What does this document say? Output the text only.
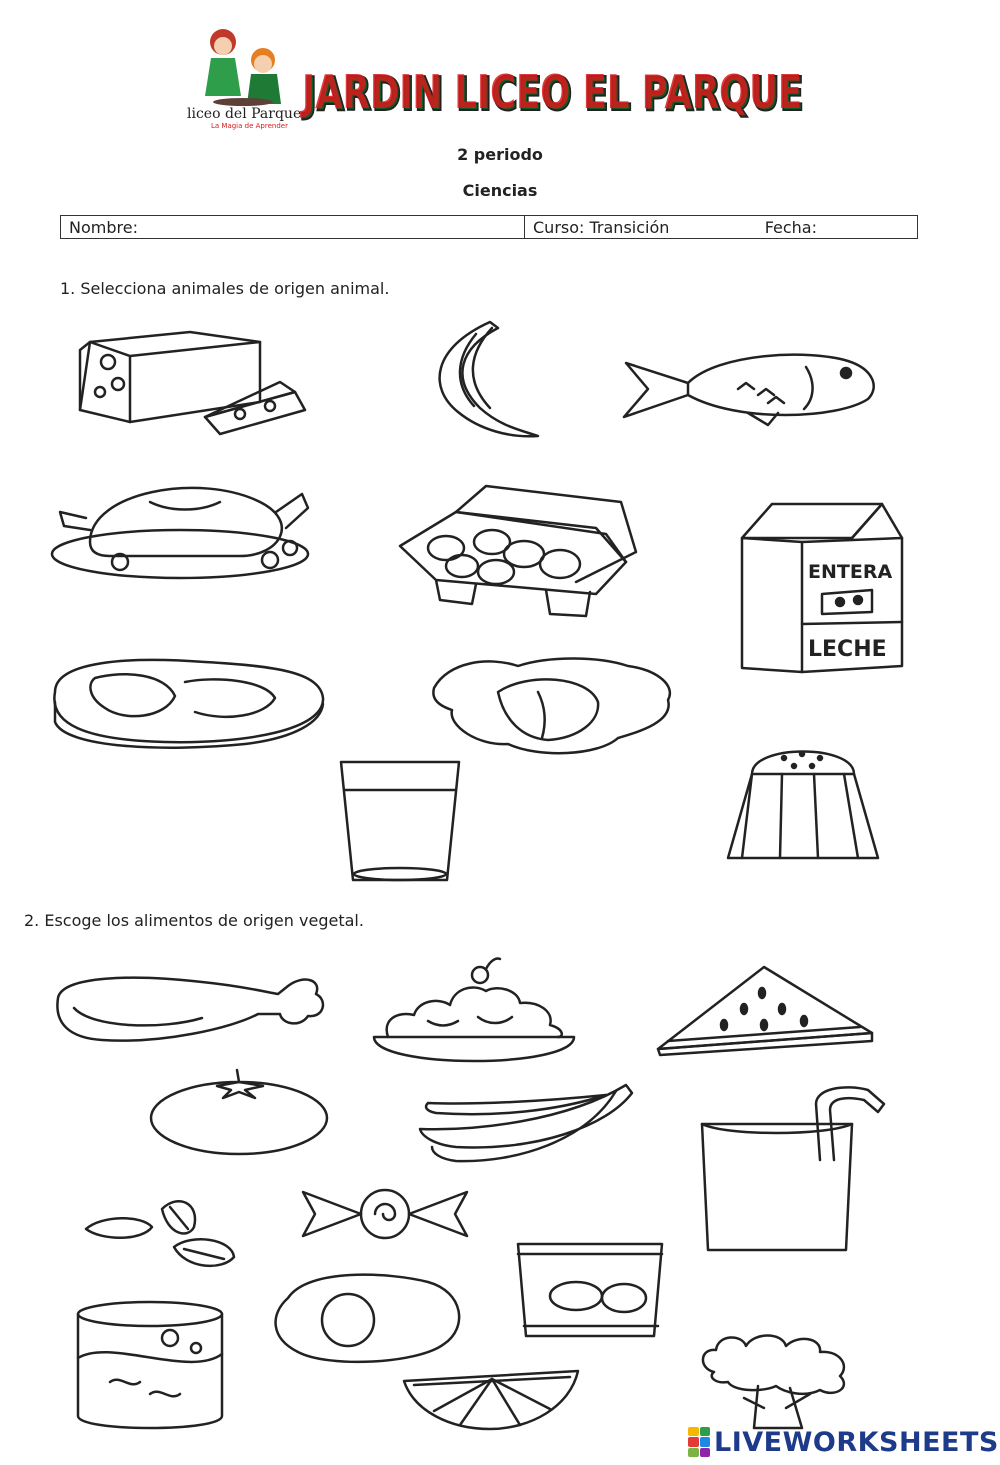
liceo del Parque
La Magia de Aprender
JARDIN LICEO EL PARQUE
JARDIN LICEO EL PARQUE
2 periodo
Ciencias
Nombre:	Curso: Transición	Fecha:
1. Selecciona animales de origen animal.
ENTERA
LECHE
2. Escoge los alimentos de origen vegetal.
LIVEWORKSHEETS
